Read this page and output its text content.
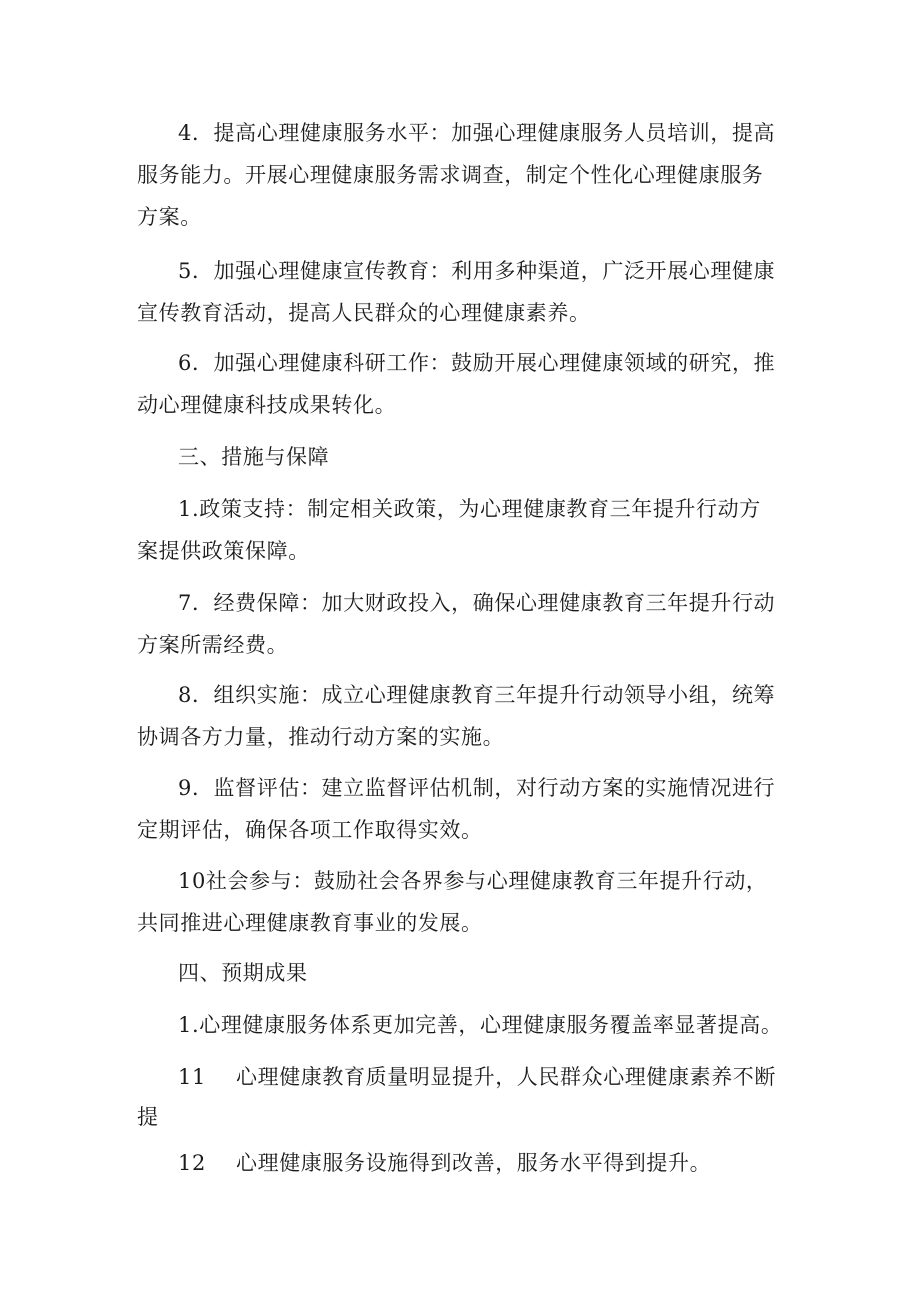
4．提高心理健康服务水平：加强心理健康服务人员培训，提高
服务能力。开展心理健康服务需求调查，制定个性化心理健康服务
方案。
5．加强心理健康宣传教育：利用多种渠道，广泛开展心理健康
宣传教育活动，提高人民群众的心理健康素养。
6．加强心理健康科研工作：鼓励开展心理健康领域的研究，推
动心理健康科技成果转化。
三、措施与保障
1.政策支持：制定相关政策，为心理健康教育三年提升行动方
案提供政策保障。
7．经费保障：加大财政投入，确保心理健康教育三年提升行动
方案所需经费。
8．组织实施：成立心理健康教育三年提升行动领导小组，统筹
协调各方力量，推动行动方案的实施。
9．监督评估：建立监督评估机制，对行动方案的实施情况进行
定期评估，确保各项工作取得实效。
10社会参与：鼓励社会各界参与心理健康教育三年提升行动，
共同推进心理健康教育事业的发展。
四、预期成果
1.心理健康服务体系更加完善，心理健康服务覆盖率显著提高。
11 心理健康教育质量明显提升，人民群众心理健康素养不断
提
12 心理健康服务设施得到改善，服务水平得到提升。
